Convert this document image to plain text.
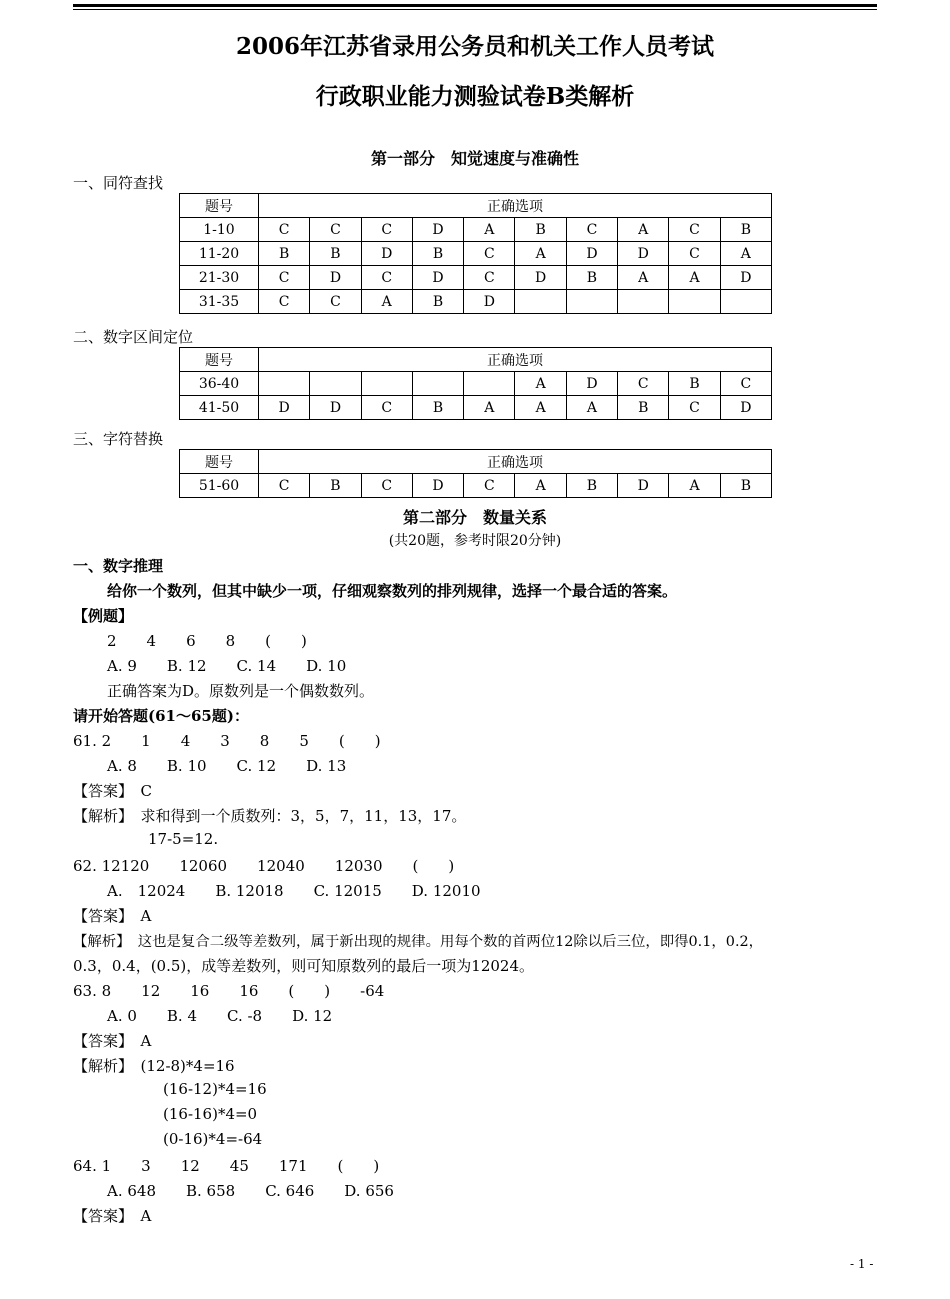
2006年江苏省录用公务员和机关工作人员考试
行政职业能力测验试卷B类解析
第一部分　知觉速度与准确性
一、同符查找
题号	正确选项									
1-10	C	C	C	D	A	B	C	A	C	B
11-20	B	B	D	B	C	A	D	D	C	A
21-30	C	D	C	D	C	D	B	A	A	D
31-35	C	C	A	B	D					
二、数字区间定位
题号	正确选项									
36-40						A	D	C	B	C
41-50	D	D	C	B	A	A	A	B	C	D
三、字符替换
题号	正确选项									
51-60	C	B	C	D	C	A	B	D	A	B
第二部分　数量关系
(共20题，参考时限20分钟)
一、数字推理
给你一个数列，但其中缺少一项，仔细观察数列的排列规律，选择一个最合适的答案。
【例题】
2　　4　　6　　8　　(　　)
A. 9　　B. 12　　C. 14　　D. 10
正确答案为D。原数列是一个偶数数列。
请开始答题(61～65题)：
61. 2　　1　　4　　3　　8　　5　　(　　)
A. 8　　B. 10　　C. 12　　D. 13
【答案】　C
【解析】　求和得到一个质数列：3，5，7，11，13，17。
17-5=12.
62. 12120　　12060　　12040　　12030　　(　　)
A.　12024　　B. 12018　　C. 12015　　D. 12010
【答案】　A
【解析】　这也是复合二级等差数列，属于新出现的规律。用每个数的首两位12除以后三位，即得0.1，0.2，
0.3，0.4，(0.5)，成等差数列，则可知原数列的最后一项为12024。
63. 8　　12　　16　　16　　(　　)　　-64
A. 0　　B. 4　　C. -8　　D. 12
【答案】　A
【解析】　(12-8)*4=16
(16-12)*4=16
(16-16)*4=0
(0-16)*4=-64
64. 1　　3　　12　　45　　171　　(　　)
A. 648　　B. 658　　C. 646　　D. 656
【答案】　A
- 1 -
